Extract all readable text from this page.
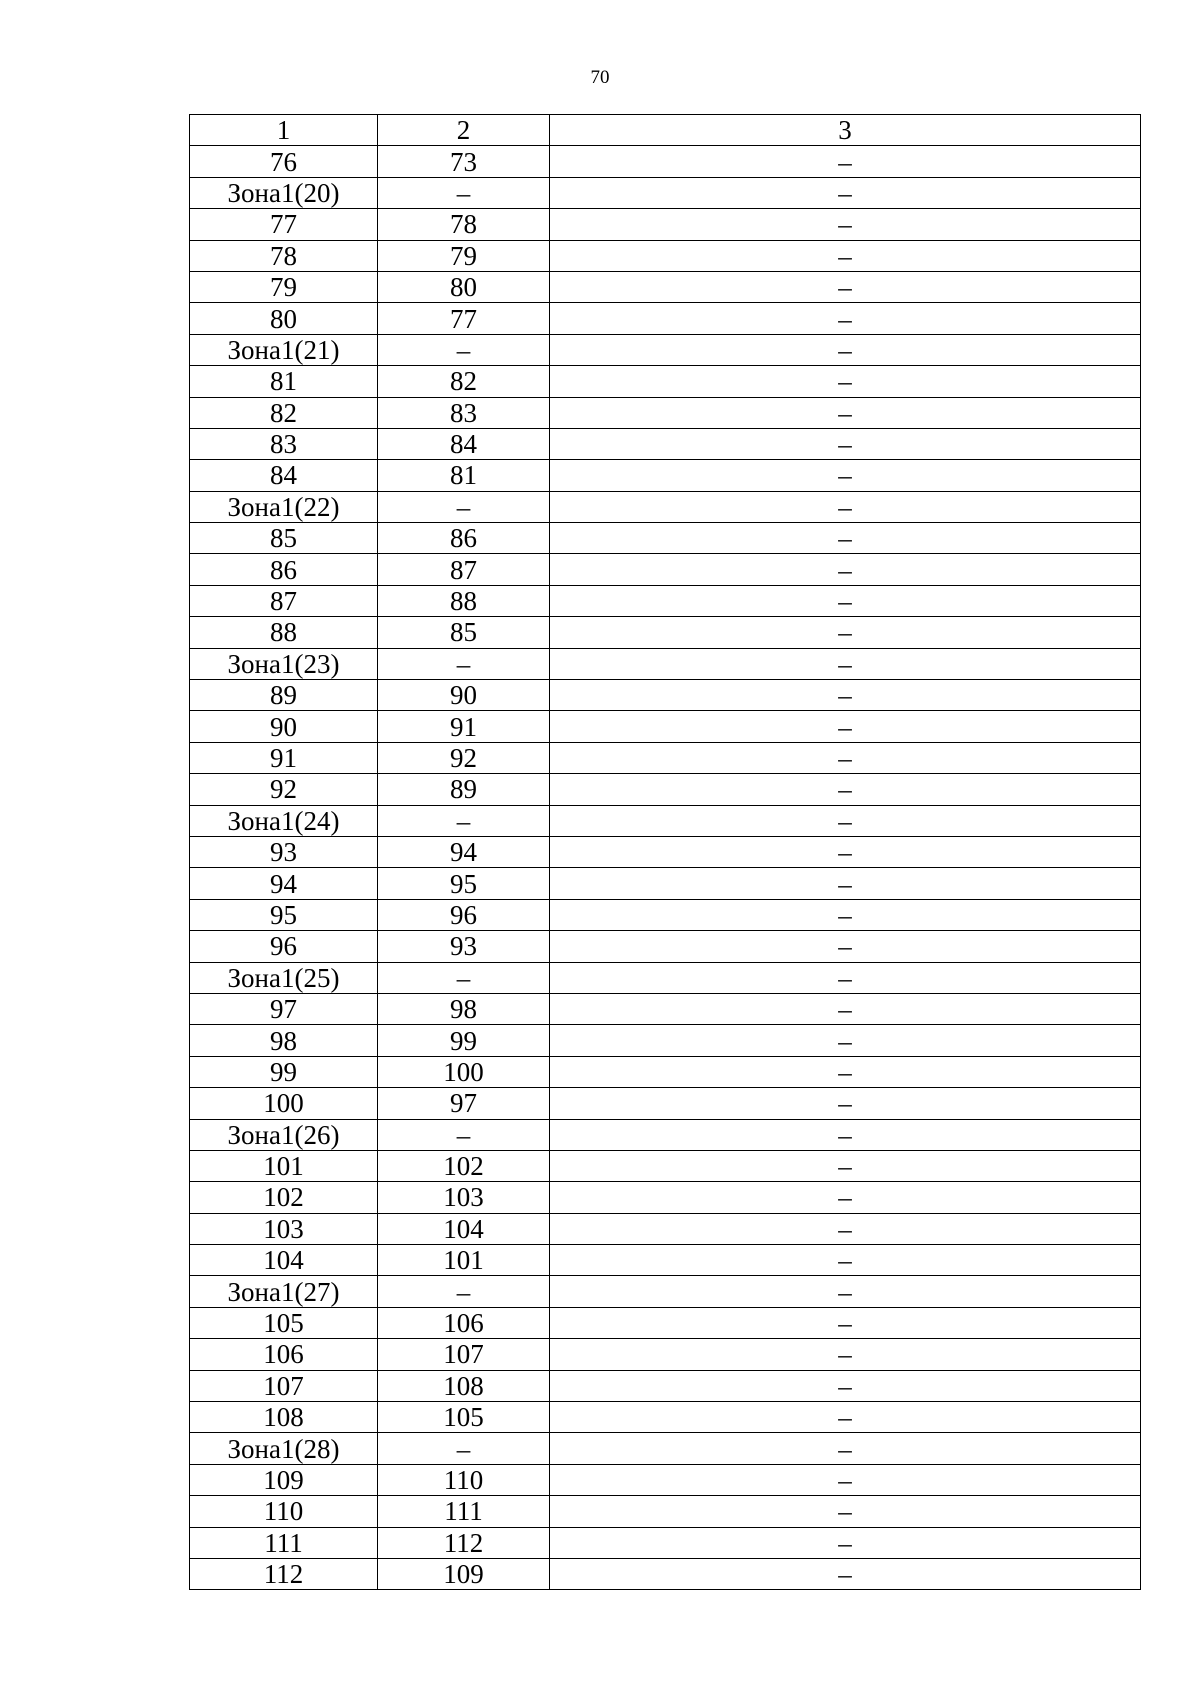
70
1	2	3
76	73	–
Зона1(20)	–	–
77	78	–
78	79	–
79	80	–
80	77	–
Зона1(21)	–	–
81	82	–
82	83	–
83	84	–
84	81	–
Зона1(22)	–	–
85	86	–
86	87	–
87	88	–
88	85	–
Зона1(23)	–	–
89	90	–
90	91	–
91	92	–
92	89	–
Зона1(24)	–	–
93	94	–
94	95	–
95	96	–
96	93	–
Зона1(25)	–	–
97	98	–
98	99	–
99	100	–
100	97	–
Зона1(26)	–	–
101	102	–
102	103	–
103	104	–
104	101	–
Зона1(27)	–	–
105	106	–
106	107	–
107	108	–
108	105	–
Зона1(28)	–	–
109	110	–
110	111	–
111	112	–
112	109	–
